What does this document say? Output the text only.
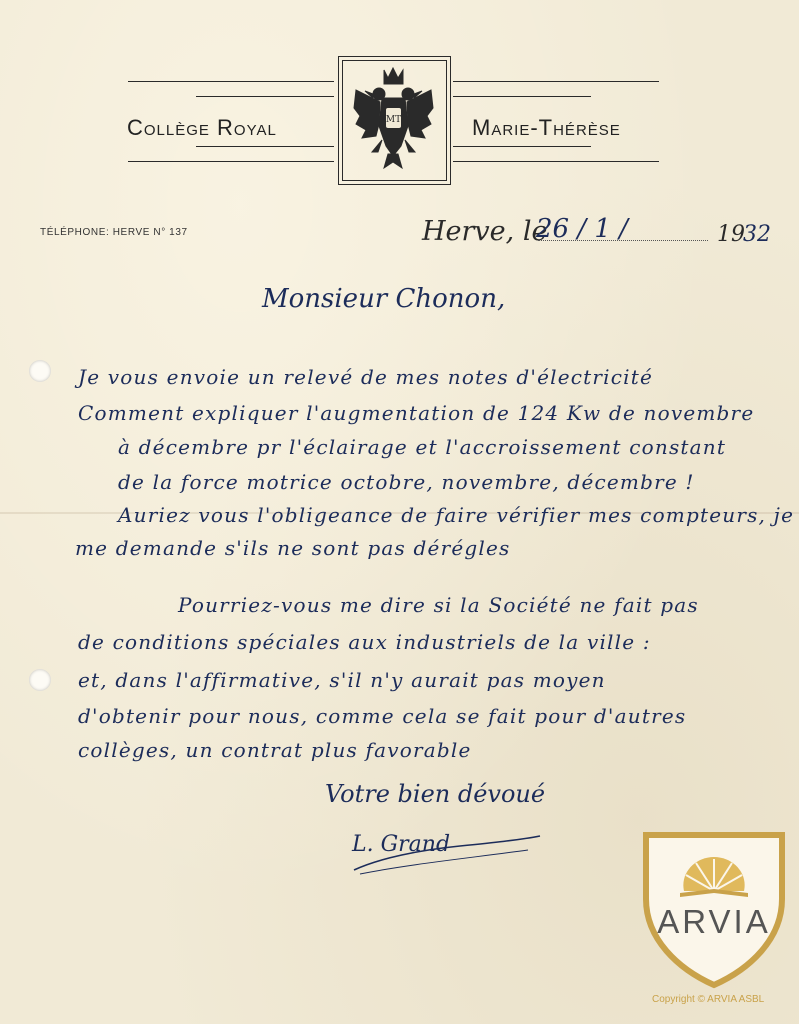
Collège Royal	Marie-Thérèse
MT
TÉLÉPHONE: HERVE N° 137	Herve, le	19
26 / 1 /	32
Monsieur Chonon,
Je vous envoie un relevé de mes notes d'électricité
Comment expliquer l'augmentation de 124 Kw de novembre
à décembre pr l'éclairage et l'accroissement constant
de la force motrice octobre, novembre, décembre !
Auriez vous l'obligeance de faire vérifier mes compteurs, je
me demande s'ils ne sont pas dérégles
Pourriez-vous me dire si la Société ne fait pas
de conditions spéciales aux industriels de la ville :
et, dans l'affirmative, s'il n'y aurait pas moyen
d'obtenir pour nous, comme cela se fait pour d'autres
collèges, un contrat plus favorable
Votre bien dévoué
L. Grand
ARVIA
Copyright © ARVIA ASBL
